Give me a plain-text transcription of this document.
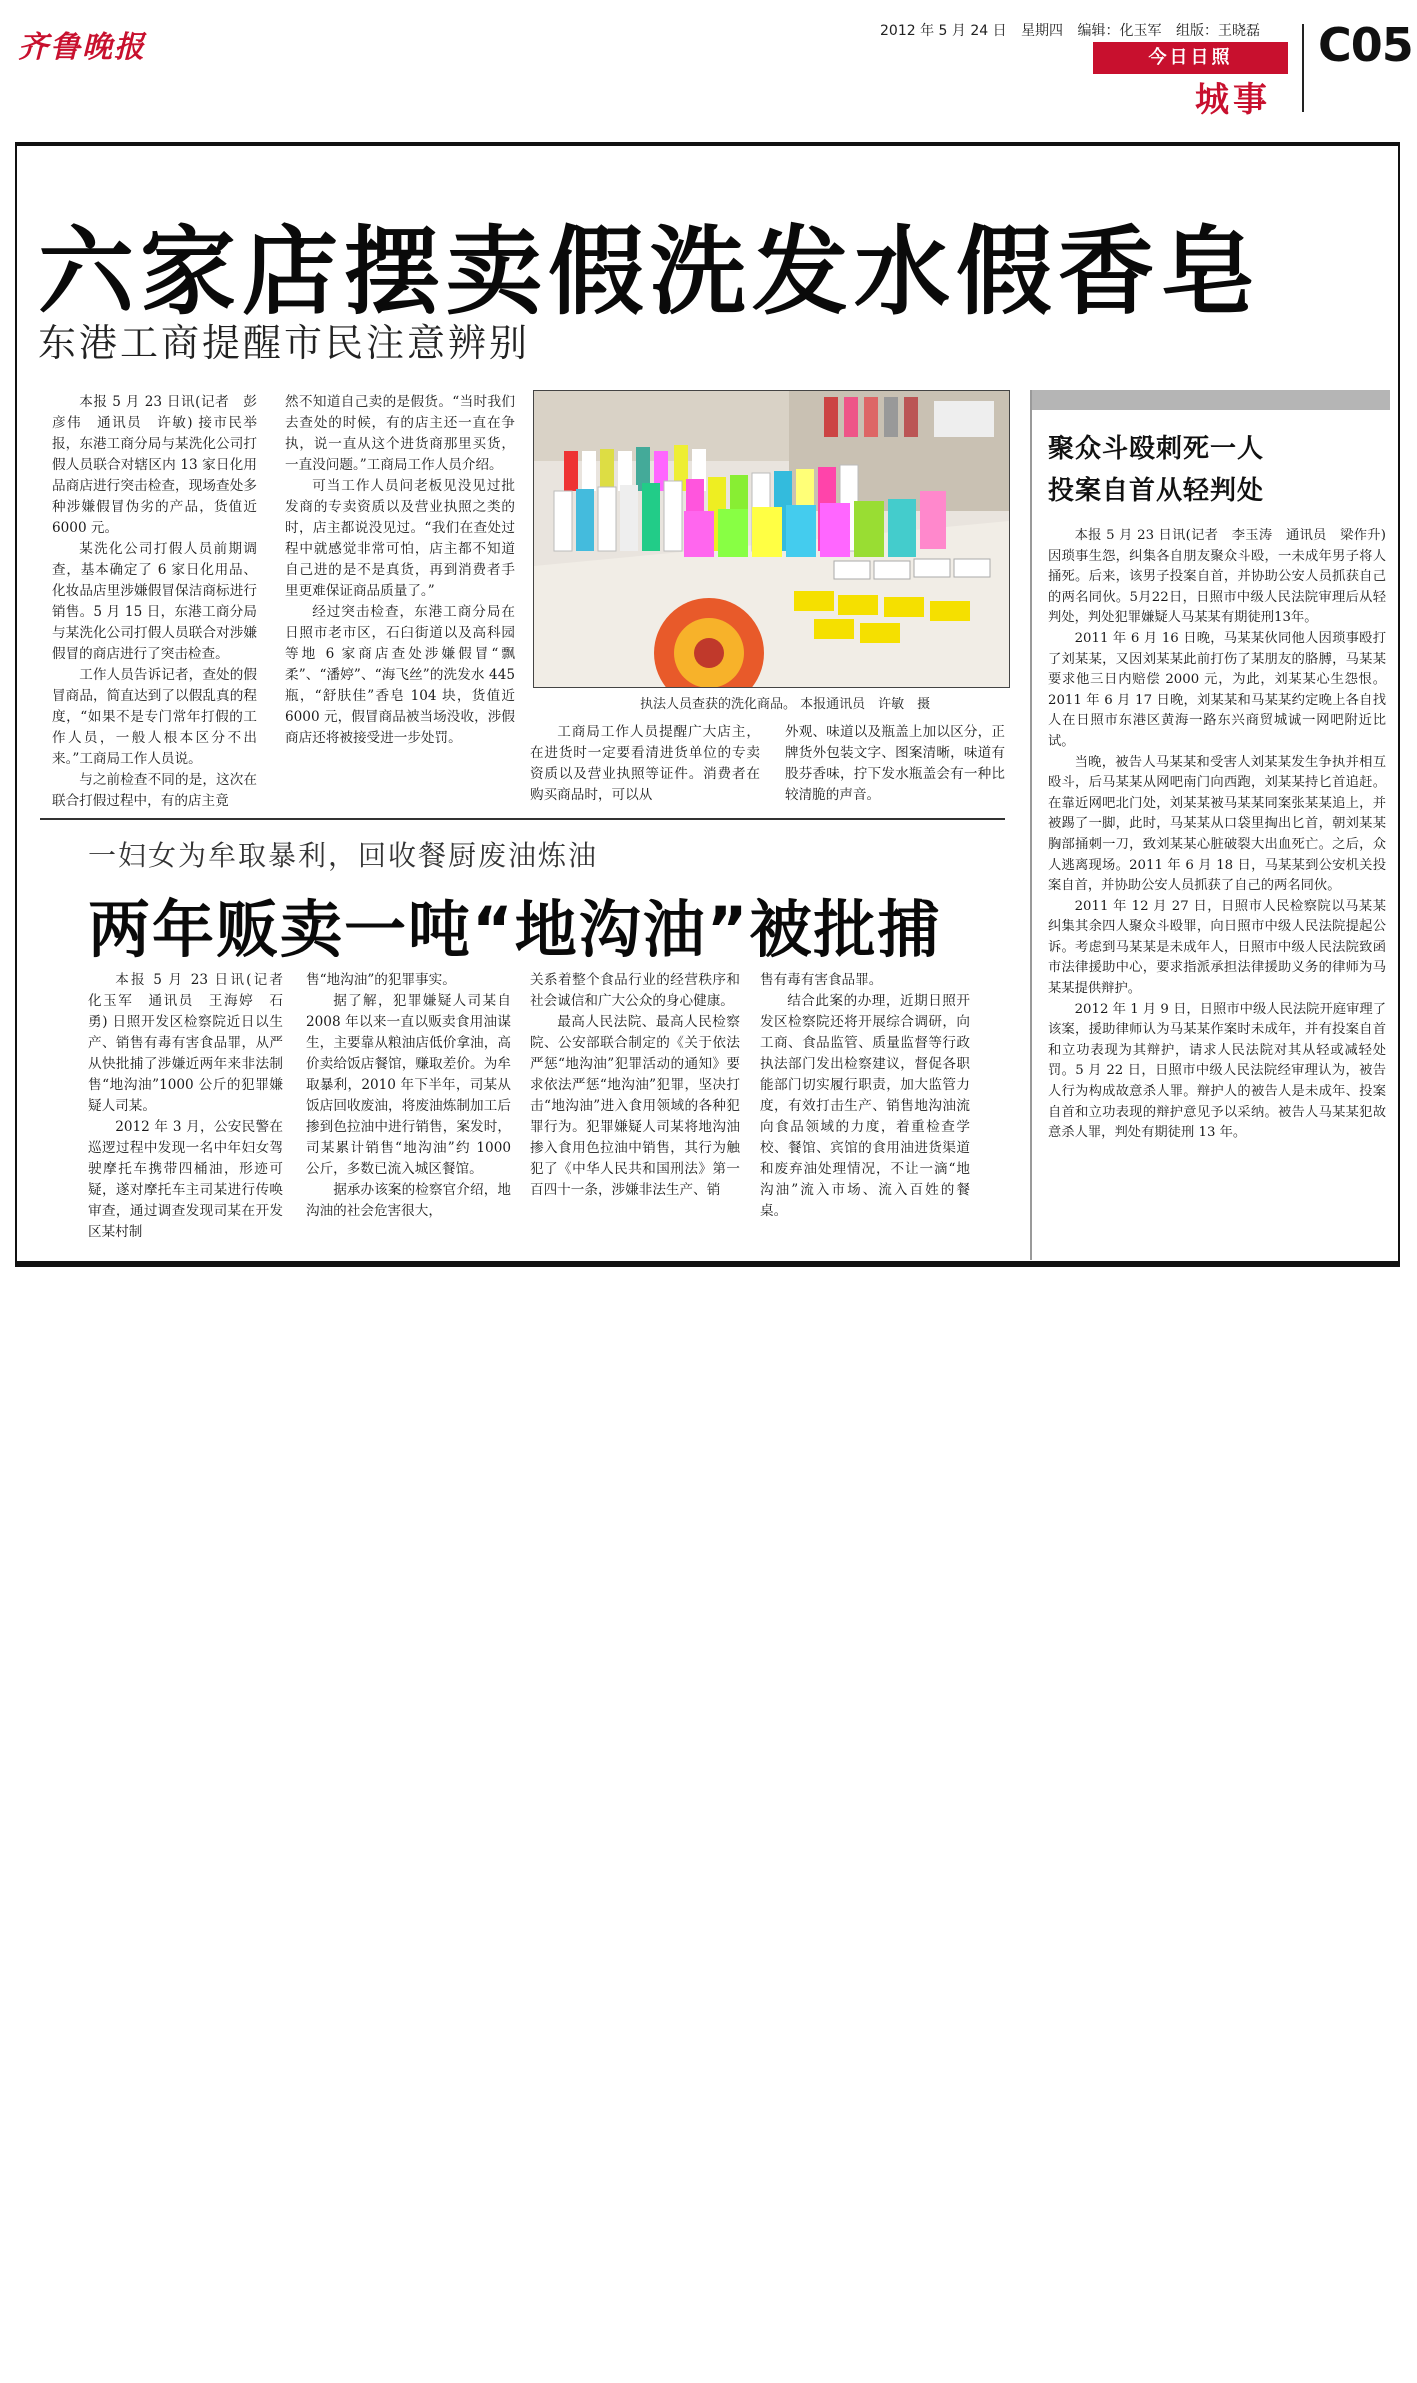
齐鲁晚报	2012 年 5 月 24 日 星期四 编辑：化玉军 组版：王晓磊
今日日照
城事
C05
六家店摆卖假洗发水假香皂
东港工商提醒市民注意辨别

本报 5 月 23 日讯(记者　彭彦伟　通讯员　许敏) 接市民举报，东港工商分局与某洗化公司打假人员联合对辖区内 13 家日化用品商店进行突击检查，现场查处多种涉嫌假冒伪劣的产品，货值近 6000 元。

某洗化公司打假人员前期调查，基本确定了 6 家日化用品、化妆品店里涉嫌假冒保洁商标进行销售。5 月 15 日，东港工商分局与某洗化公司打假人员联合对涉嫌假冒的商店进行了突击检查。

工作人员告诉记者，查处的假冒商品，简直达到了以假乱真的程度，“如果不是专门常年打假的工作人员，一般人根本区分不出来。”工商局工作人员说。

与之前检查不同的是，这次在联合打假过程中，有的店主竟

然不知道自己卖的是假货。“当时我们去查处的时候，有的店主还一直在争执，说一直从这个进货商那里买货，一直没问题。”工商局工作人员介绍。

可当工作人员问老板见没见过批发商的专卖资质以及营业执照之类的时，店主都说没见过。“我们在查处过程中就感觉非常可怕，店主都不知道自己进的是不是真货，再到消费者手里更难保证商品质量了。”

经过突击检查，东港工商分局在日照市老市区，石臼街道以及高科园等地 6 家商店查处涉嫌假冒“飘柔”、“潘婷”、“海飞丝”的洗发水 445 瓶，“舒肤佳”香皂 104 块，货值近 6000 元，假冒商品被当场没收，涉假商店还将被接受进一步处罚。

执法人员查获的洗化商品。 本报通讯员　许敏　摄

工商局工作人员提醒广大店主，在进货时一定要看清进货单位的专卖资质以及营业执照等证件。消费者在购买商品时，可以从

外观、味道以及瓶盖上加以区分，正牌货外包装文字、图案清晰，味道有股芬香味，拧下发水瓶盖会有一种比较清脆的声音。

聚众斗殴刺死一人
投案自首从轻判处

本报 5 月 23 日讯(记者　李玉涛　通讯员　梁作升) 因琐事生怨，纠集各自朋友聚众斗殴，一未成年男子将人捅死。后来，该男子投案自首，并协助公安人员抓获自己的两名同伙。5月22日，日照市中级人民法院审理后从轻判处，判处犯罪嫌疑人马某某有期徒刑13年。

2011 年 6 月 16 日晚，马某某伙同他人因琐事殴打了刘某某，又因刘某某此前打伤了某朋友的胳膊，马某某要求他三日内赔偿 2000 元，为此，刘某某心生怨恨。2011 年 6 月 17 日晚，刘某某和马某某约定晚上各自找人在日照市东港区黄海一路东兴商贸城诚一网吧附近比试。

当晚，被告人马某某和受害人刘某某发生争执并相互殴斗，后马某某从网吧南门向西跑，刘某某持匕首追赶。在靠近网吧北门处，刘某某被马某某同案张某某追上，并被踢了一脚，此时，马某某从口袋里掏出匕首，朝刘某某胸部捅刺一刀，致刘某某心脏破裂大出血死亡。之后，众人逃离现场。2011 年 6 月 18 日，马某某到公安机关投案自首，并协助公安人员抓获了自己的两名同伙。

2011 年 12 月 27 日，日照市人民检察院以马某某纠集其余四人聚众斗殴罪，向日照市中级人民法院提起公诉。考虑到马某某是未成年人，日照市中级人民法院致函市法律援助中心，要求指派承担法律援助义务的律师为马某某提供辩护。

2012 年 1 月 9 日，日照市中级人民法院开庭审理了该案，援助律师认为马某某作案时未成年，并有投案自首和立功表现为其辩护，请求人民法院对其从轻或减轻处罚。5 月 22 日，日照市中级人民法院经审理认为，被告人行为构成故意杀人罪。辩护人的被告人是未成年、投案自首和立功表现的辩护意见予以采纳。被告人马某某犯故意杀人罪，判处有期徒刑 13 年。

一妇女为牟取暴利，回收餐厨废油炼油
两年贩卖一吨“地沟油”被批捕

本报 5 月 23 日讯(记者　化玉军　通讯员　王海婷　石勇) 日照开发区检察院近日以生产、销售有毒有害食品罪，从严从快批捕了涉嫌近两年来非法制售“地沟油”1000 公斤的犯罪嫌疑人司某。

2012 年 3 月，公安民警在巡逻过程中发现一名中年妇女驾驶摩托车携带四桶油，形迹可疑，遂对摩托车主司某进行传唤审查，通过调查发现司某在开发区某村制

售“地沟油”的犯罪事实。

据了解，犯罪嫌疑人司某自 2008 年以来一直以贩卖食用油谋生，主要靠从粮油店低价拿油，高价卖给饭店餐馆，赚取差价。为牟取暴利，2010 年下半年，司某从饭店回收废油，将废油炼制加工后掺到色拉油中进行销售，案发时，司某累计销售“地沟油”约 1000 公斤，多数已流入城区餐馆。

据承办该案的检察官介绍，地沟油的社会危害很大，

关系着整个食品行业的经营秩序和社会诚信和广大公众的身心健康。

最高人民法院、最高人民检察院、公安部联合制定的《关于依法严惩“地沟油”犯罪活动的通知》要求依法严惩“地沟油”犯罪，坚决打击“地沟油”进入食用领域的各种犯罪行为。犯罪嫌疑人司某将地沟油掺入食用色拉油中销售，其行为触犯了《中华人民共和国刑法》第一百四十一条，涉嫌非法生产、销

售有毒有害食品罪。

结合此案的办理，近期日照开发区检察院还将开展综合调研，向工商、食品监管、质量监督等行政执法部门发出检察建议，督促各职能部门切实履行职责，加大监管力度，有效打击生产、销售地沟油流向食品领域的力度，着重检查学校、餐馆、宾馆的食用油进货渠道和废弃油处理情况，不让一滴“地沟油”流入市场、流入百姓的餐桌。
